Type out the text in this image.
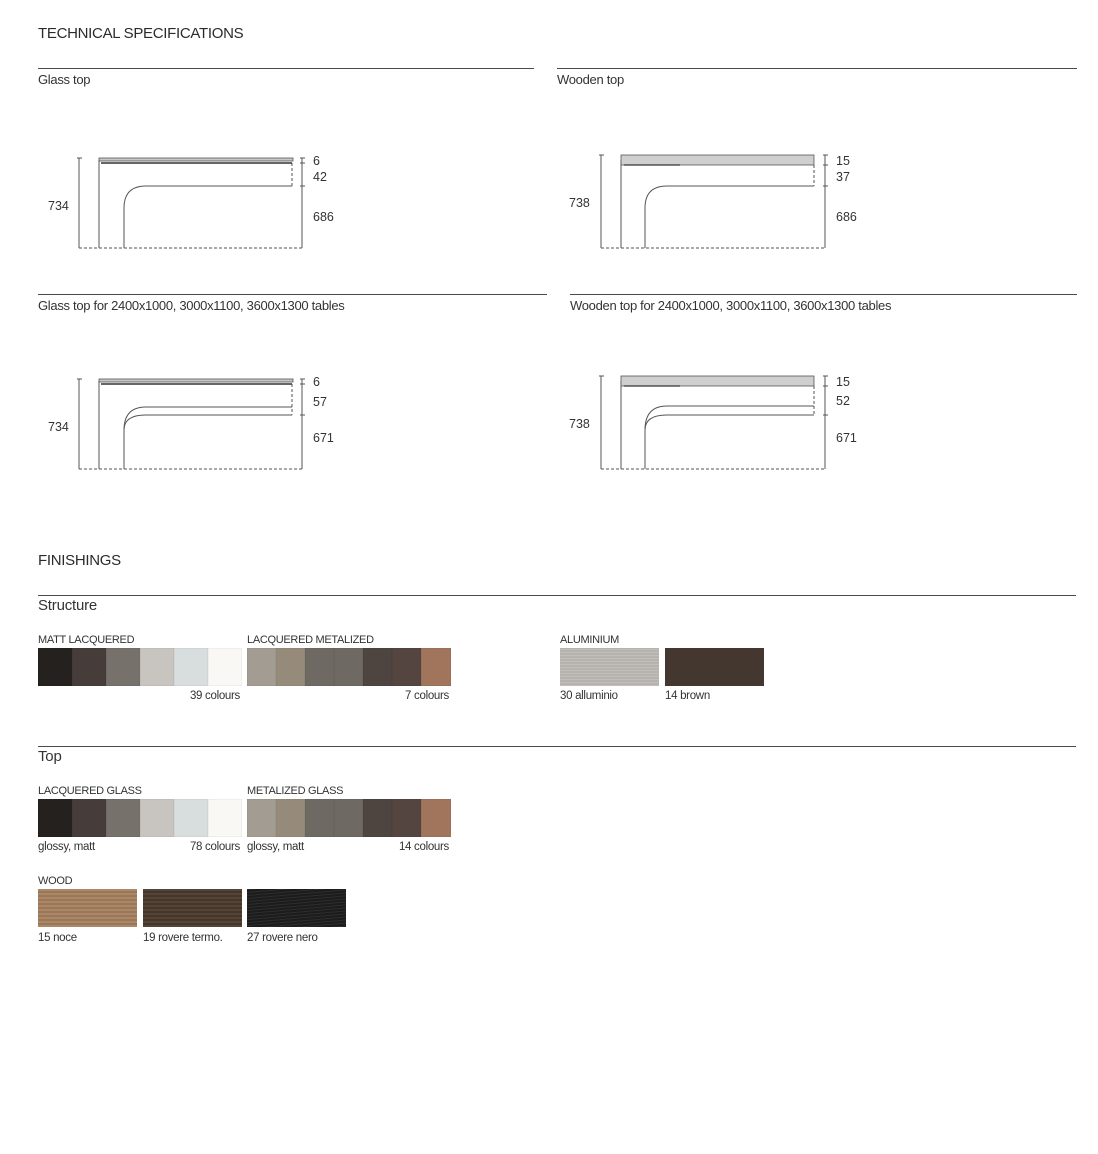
TECHNICAL SPECIFICATIONS
Glass top	Wooden top
Glass top for 2400x1000, 3000x1100, 3600x1300 tables	Wooden top for 2400x1000, 3000x1100, 3600x1300 tables
734
6
42
686
738
15
37
686
734
6
57
671
738
15
52
671
FINISHINGS
Structure
MATT LACQUERED
39 colours
LACQUERED METALIZED
7 colours
ALUMINIUM
30 alluminio	14 brown
Top
LACQUERED GLASS
glossy, matt	78 colours
METALIZED GLASS
glossy, matt	14 colours
WOOD
15 noce	19 rovere termo. 27 rovere nero
